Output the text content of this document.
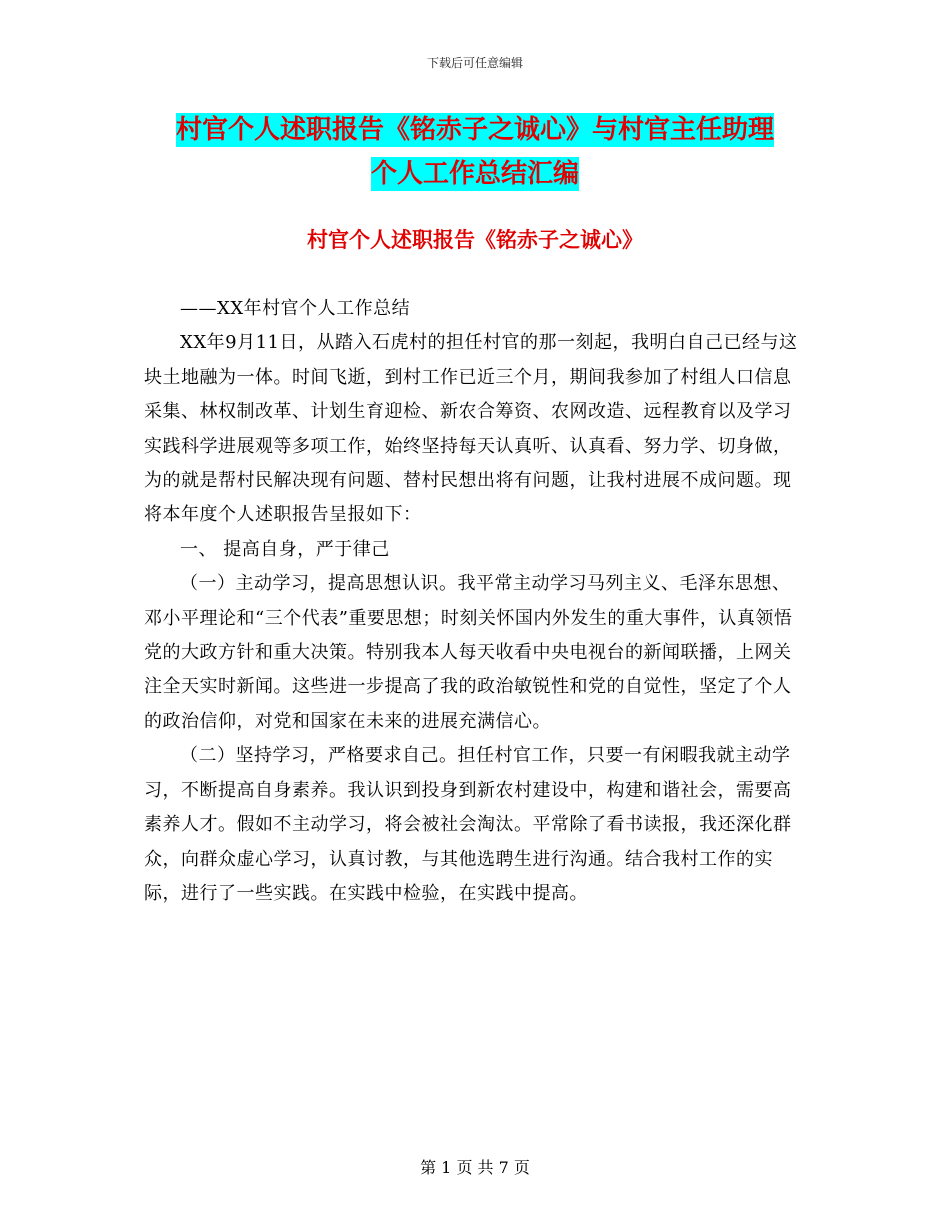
下载后可任意编辑
村官个人述职报告《铭赤子之诚心》与村官主任助理
个人工作总结汇编
村官个人述职报告《铭赤子之诚心》

——XX年村官个人工作总结

XX年9月11日，从踏入石虎村的担任村官的那一刻起，我明白自己已经与这块土地融为一体。时间飞逝，到村工作已近三个月，期间我参加了村组人口信息采集、林权制改革、计划生育迎检、新农合筹资、农网改造、远程教育以及学习实践科学进展观等多项工作，始终坚持每天认真听、认真看、努力学、切身做，为的就是帮村民解决现有问题、替村民想出将有问题，让我村进展不成问题。现将本年度个人述职报告呈报如下：

一、 提高自身，严于律己

（一）主动学习，提高思想认识。我平常主动学习马列主义、毛泽东思想、邓小平理论和“三个代表”重要思想；时刻关怀国内外发生的重大事件，认真领悟党的大政方针和重大决策。特别我本人每天收看中央电视台的新闻联播，上网关注全天实时新闻。这些进一步提高了我的政治敏锐性和党的自觉性，坚定了个人的政治信仰，对党和国家在未来的进展充满信心。

（二）坚持学习，严格要求自己。担任村官工作，只要一有闲暇我就主动学习，不断提高自身素养。我认识到投身到新农村建设中，构建和谐社会，需要高素养人才。假如不主动学习，将会被社会淘汰。平常除了看书读报，我还深化群众，向群众虚心学习，认真讨教，与其他选聘生进行沟通。结合我村工作的实际，进行了一些实践。在实践中检验，在实践中提高。

第 1 页 共 7 页
